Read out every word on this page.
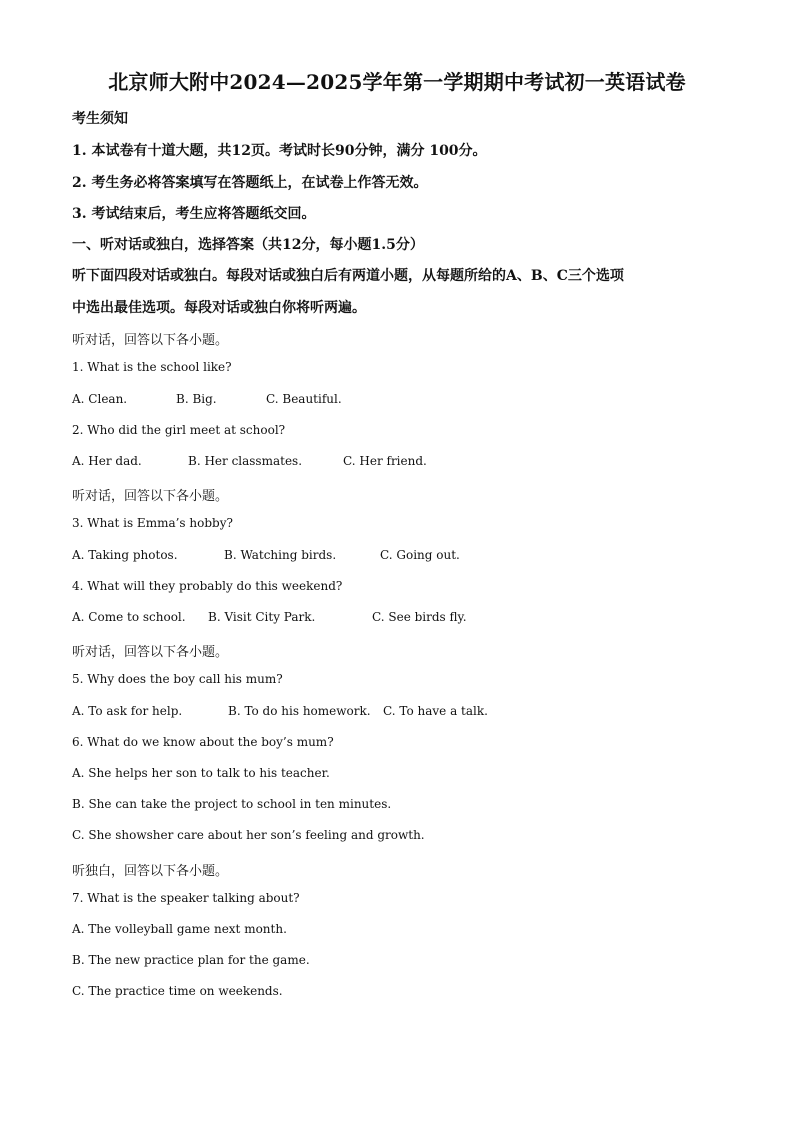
北京师大附中2024—2025学年第一学期期中考试初一英语试卷
考生须知
1. 本试卷有十道大题，共12页。考试时长90分钟，满分 100分。
2. 考生务必将答案填写在答题纸上，在试卷上作答无效。
3. 考试结束后，考生应将答题纸交回。
一、听对话或独白，选择答案（共12分，每小题1.5分）
听下面四段对话或独白。每段对话或独白后有两道小题，从每题所给的A、B、C三个选项
中选出最佳选项。每段对话或独白你将听两遍。
听对话，回答以下各小题。
1. What is the school like?
A. Clean.	B. Big.	C. Beautiful.
2. Who did the girl meet at school?
A. Her dad.	B. Her classmates.	C. Her friend.
听对话，回答以下各小题。
3. What is Emma’s hobby?
A. Taking photos.	B. Watching birds.	C. Going out.
4. What will they probably do this weekend?
A. Come to school. B. Visit City Park.	C. See birds fly.
听对话，回答以下各小题。
5. Why does the boy call his mum?
A. To ask for help.	B. To do his homework. C. To have a talk.
6. What do we know about the boy’s mum?
A. She helps her son to talk to his teacher.
B. She can take the project to school in ten minutes.
C. She showsher care about her son’s feeling and growth.
听独白，回答以下各小题。
7. What is the speaker talking about?
A. The volleyball game next month.
B. The new practice plan for the game.
C. The practice time on weekends.
